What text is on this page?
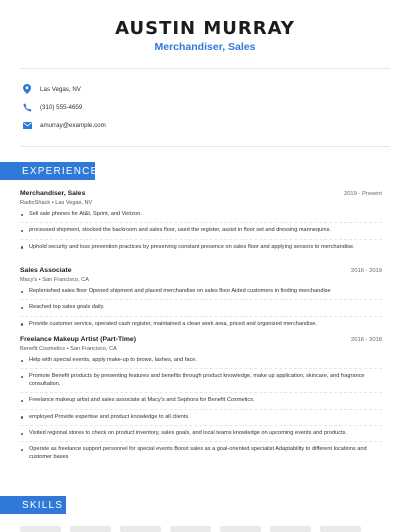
AUSTIN MURRAY
Merchandiser, Sales
Las Vegas, NV
(310) 555-4659
amurray@example.com
EXPERIENCE
Merchandiser, Sales	2019 - Present
RadioShack • Las Vegas, NV
Sell sale phones for At&t, Sprint, and Verizon.
processed shipment, stocked the backroom and sales floor, used the register, assist in floor set and dressing mannequins.
Uphold security and loss prevention practices by preserving constant presence on sales floor and applying sensors to merchandise.
Sales Associate	2016 - 2019
Macy's • San Francisco, CA
Replenished sales floor Opened shipment and placed merchandise on sales floor Aided customers in finding merchandise
Reached top sales goals daily.
Provide customer service, operated cash register, maintained a clean work area, priced and organized merchandise.
Freelance Makeup Artist (Part-Time)	2016 - 2018
Benefit Cosmetics • San Francisco, CA
Help with special events, apply make-up to brows, lashes, and face.
Promote Benefit products by presenting features and benefits through product knowledge, make up application, skincare, and fragrance consultation.
Freelance makeup artist and sales associate at Macy's and Sephora for Benefit Cosmetics.
employed Provide expertise and product knowledge to all clients.
Visited regional stores to check on product inventory, sales goals, and local teams knowledge on upcoming events and products.
Operate as freelance support personnel for special events Boost sales as a goal-oriented specialist Adaptability to different locations and customer bases
SKILLS
